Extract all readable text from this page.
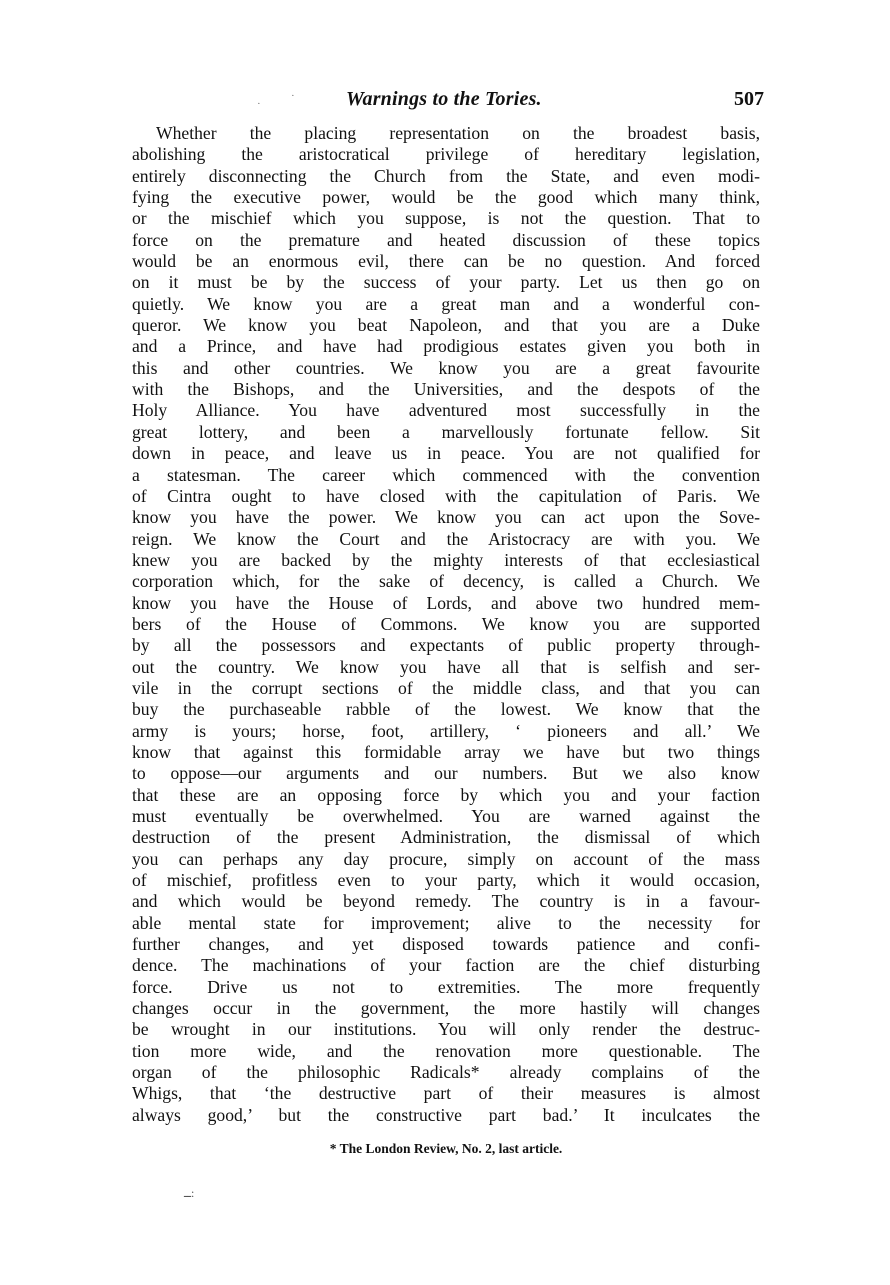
·
·	Warnings to the Tories.	507
Whether the placing representation on the broadest basis,
abolishing the aristocratical privilege of hereditary legislation,
entirely disconnecting the Church from the State, and even modi-
fying the executive power, would be the good which many think,
or the mischief which you suppose, is not the question. That to
force on the premature and heated discussion of these topics
would be an enormous evil, there can be no question. And forced
on it must be by the success of your party. Let us then go on
quietly. We know you are a great man and a wonderful con-
queror. We know you beat Napoleon, and that you are a Duke
and a Prince, and have had prodigious estates given you both in
this and other countries. We know you are a great favourite
with the Bishops, and the Universities, and the despots of the
Holy Alliance. You have adventured most successfully in the
great lottery, and been a marvellously fortunate fellow. Sit
down in peace, and leave us in peace. You are not qualified for
a statesman. The career which commenced with the convention
of Cintra ought to have closed with the capitulation of Paris. We
know you have the power. We know you can act upon the Sove-
reign. We know the Court and the Aristocracy are with you. We
knew you are backed by the mighty interests of that ecclesiastical
corporation which, for the sake of decency, is called a Church. We
know you have the House of Lords, and above two hundred mem-
bers of the House of Commons. We know you are supported
by all the possessors and expectants of public property through-
out the country. We know you have all that is selfish and ser-
vile in the corrupt sections of the middle class, and that you can
buy the purchaseable rabble of the lowest. We know that the
army is yours; horse, foot, artillery, ‘ pioneers and all.’ We
know that against this formidable array we have but two things
to oppose—our arguments and our numbers. But we also know
that these are an opposing force by which you and your faction
must eventually be overwhelmed. You are warned against the
destruction of the present Administration, the dismissal of which
you can perhaps any day procure, simply on account of the mass
of mischief, profitless even to your party, which it would occasion,
and which would be beyond remedy. The country is in a favour-
able mental state for improvement; alive to the necessity for
further changes, and yet disposed towards patience and confi-
dence. The machinations of your faction are the chief disturbing
force. Drive us not to extremities. The more frequently
changes occur in the government, the more hastily will changes
be wrought in our institutions. You will only render the destruc-
tion more wide, and the renovation more questionable. The
organ of the philosophic Radicals* already complains of the
Whigs, that ‘the destructive part of their measures is almost
always good,’ but the constructive part bad.’ It inculcates the
* The London Review, No. 2, last article.
ــ:
